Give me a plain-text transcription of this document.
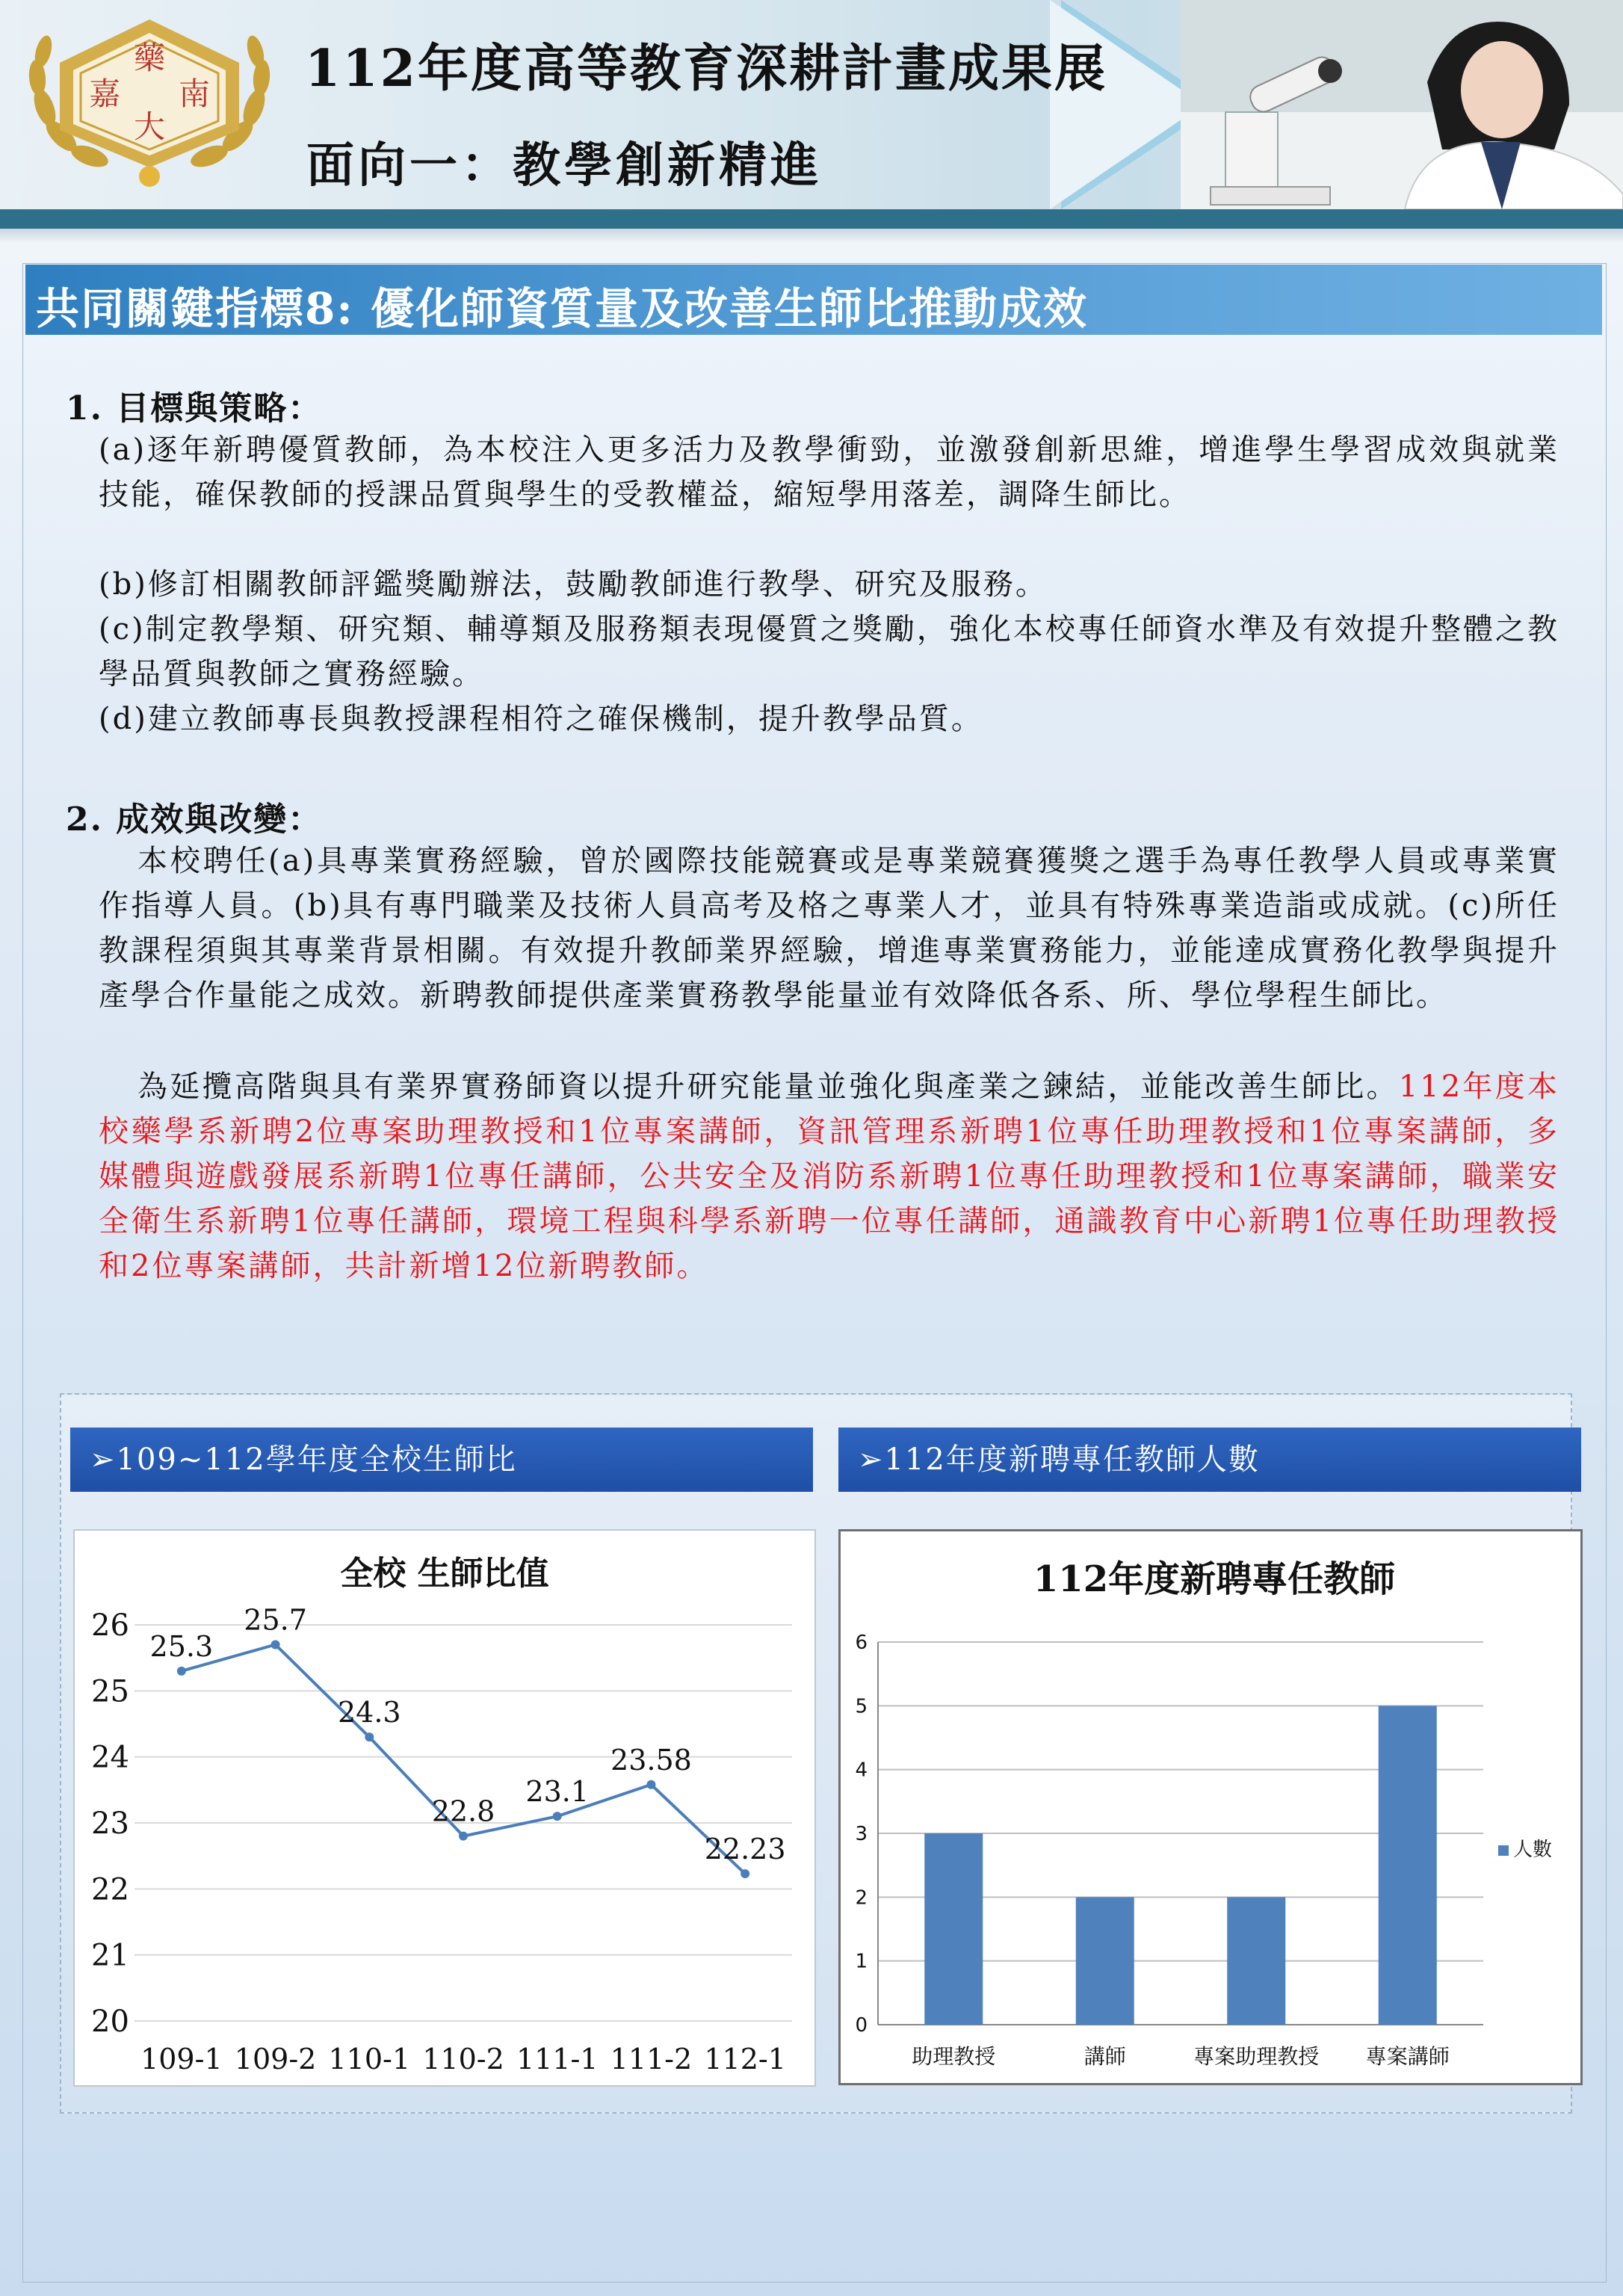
藥
嘉 南
大
112年度高等教育深耕計畫成果展
面向一：教學創新精進
共同關鍵指標8: 優化師資質量及改善生師比推動成效
1. 目標與策略：
(a)逐年新聘優質教師，為本校注入更多活力及教學衝勁，並激發創新思維，增進學生學習成效與就業技能，確保教師的授課品質與學生的受教權益，縮短學用落差，調降生師比。
(b)修訂相關教師評鑑獎勵辦法，鼓勵教師進行教學、研究及服務。
(c)制定教學類、研究類、輔導類及服務類表現優質之獎勵，強化本校專任師資水準及有效提升整體之教學品質與教師之實務經驗。
(d)建立教師專長與教授課程相符之確保機制，提升教學品質。
2. 成效與改變：
本校聘任(a)具專業實務經驗，曾於國際技能競賽或是專業競賽獲獎之選手為專任教學人員或專業實作指導人員。(b)具有專門職業及技術人員高考及格之專業人才，並具有特殊專業造詣或成就。(c)所任教課程須與其專業背景相關。有效提升教師業界經驗，增進專業實務能力，並能達成實務化教學與提升產學合作量能之成效。新聘教師提供產業實務教學能量並有效降低各系、所、學位學程生師比。
為延攬高階與具有業界實務師資以提升研究能量並強化與產業之鍊結，並能改善生師比。112年度本校藥學系新聘2位專案助理教授和1位專案講師，資訊管理系新聘1位專任助理教授和1位專案講師，多媒體與遊戲發展系新聘1位專任講師，公共安全及消防系新聘1位專任助理教授和1位專案講師，職業安全衛生系新聘1位專任講師，環境工程與科學系新聘一位專任講師，通識教育中心新聘1位專任助理教授和2位專案講師，共計新增12位新聘教師。
➢109~112學年度全校生師比	➢112年度新聘專任教師人數
全校 生師比值
20
21
22
23
24
25
26
109-1 109-2 110-1 110-2 111-1 111-2 112-1
25.3
25.7
24.3
22.8
23.1
23.58
22.23
112年度新聘專任教師
0
1
2
3
4
5
6
助理教授	講師	專案助理教授 專案講師
人數
